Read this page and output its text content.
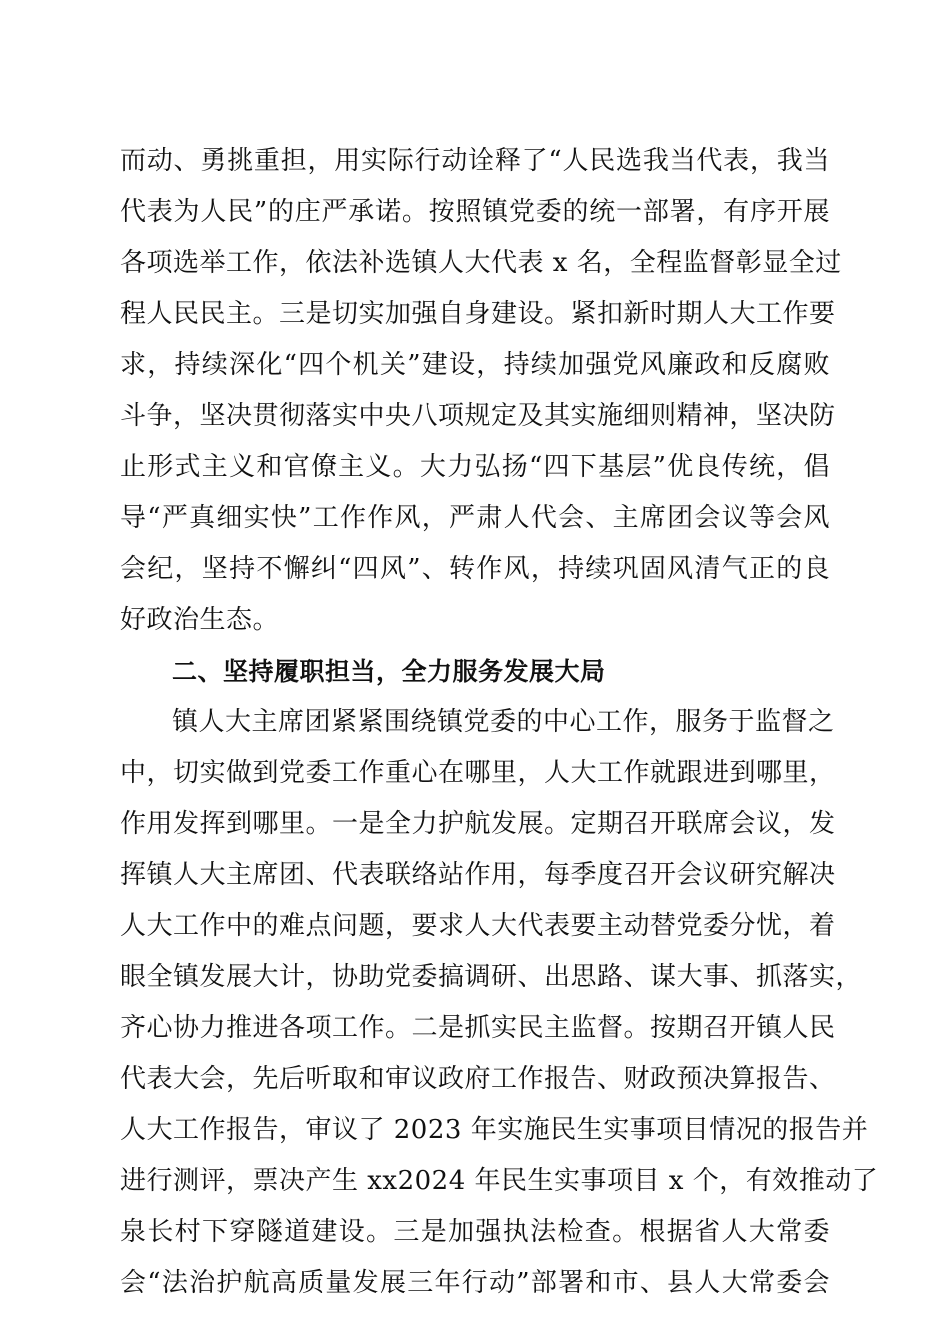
而动、勇挑重担，用实际行动诠释了“人民选我当代表，我当
代表为人民”的庄严承诺。按照镇党委的统一部署，有序开展
各项选举工作，依法补选镇人大代表 x 名，全程监督彰显全过
程人民民主。三是切实加强自身建设。紧扣新时期人大工作要
求，持续深化“四个机关”建设，持续加强党风廉政和反腐败
斗争，坚决贯彻落实中央八项规定及其实施细则精神，坚决防
止形式主义和官僚主义。大力弘扬“四下基层”优良传统，倡
导“严真细实快”工作作风，严肃人代会、主席团会议等会风
会纪，坚持不懈纠“四风”、转作风，持续巩固风清气正的良
好政治生态。
二、坚持履职担当，全力服务发展大局
镇人大主席团紧紧围绕镇党委的中心工作，服务于监督之
中，切实做到党委工作重心在哪里，人大工作就跟进到哪里，
作用发挥到哪里。一是全力护航发展。定期召开联席会议，发
挥镇人大主席团、代表联络站作用，每季度召开会议研究解决
人大工作中的难点问题，要求人大代表要主动替党委分忧，着
眼全镇发展大计，协助党委搞调研、出思路、谋大事、抓落实，
齐心协力推进各项工作。二是抓实民主监督。按期召开镇人民
代表大会，先后听取和审议政府工作报告、财政预决算报告、
人大工作报告，审议了 2023 年实施民生实事项目情况的报告并
进行测评，票决产生 xx2024 年民生实事项目 x 个，有效推动了
泉长村下穿隧道建设。三是加强执法检查。根据省人大常委
会“法治护航高质量发展三年行动”部署和市、县人大常委会
